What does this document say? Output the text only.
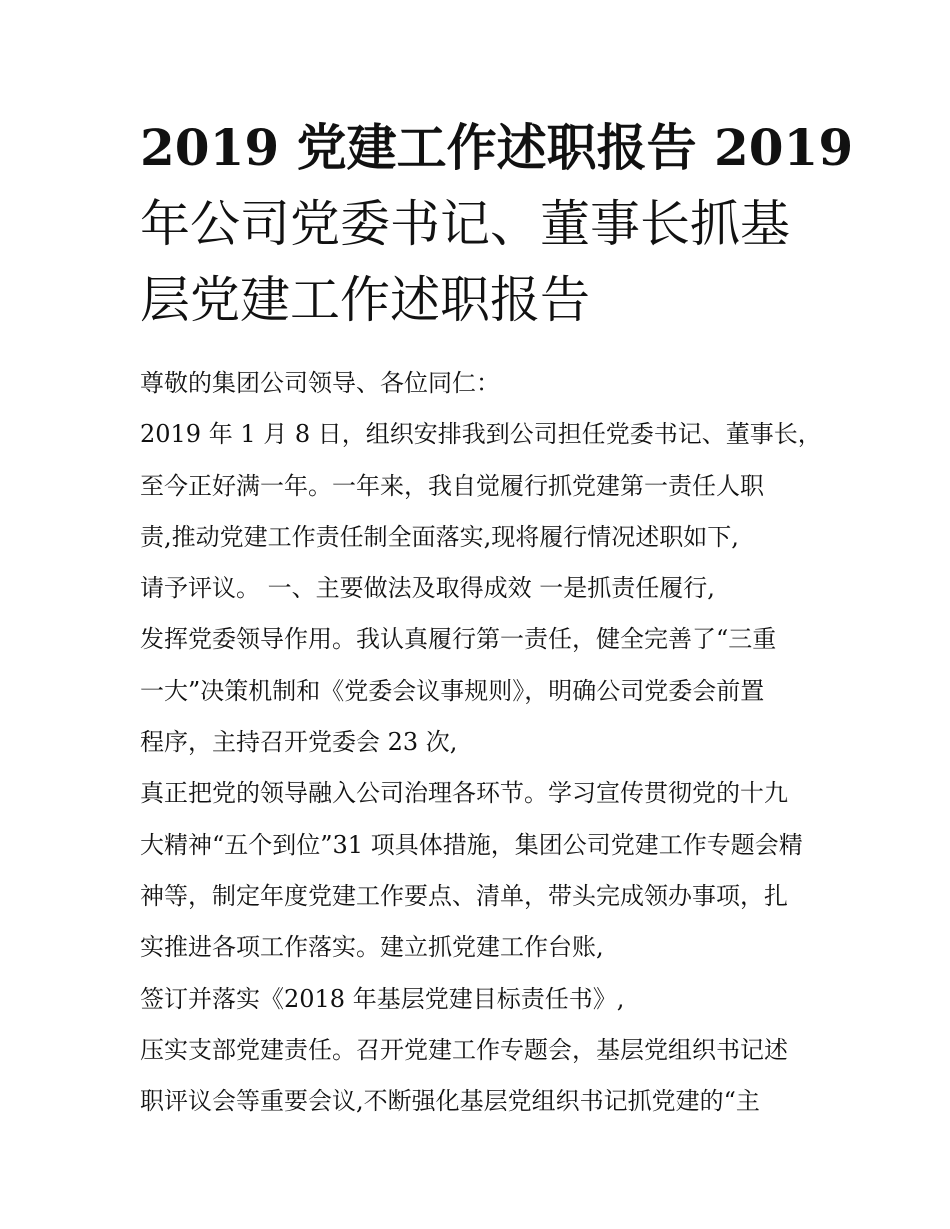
2019 党建工作述职报告 2019
年公司党委书记、董事长抓基
层党建工作述职报告
尊敬的集团公司领导、各位同仁：
2019 年 1 月 8 日，组织安排我到公司担任党委书记、董事长，
至今正好满一年。一年来，我自觉履行抓党建第一责任人职
责,推动党建工作责任制全面落实,现将履行情况述职如下,
请予评议。 一、主要做法及取得成效 一是抓责任履行,
发挥党委领导作用。我认真履行第一责任，健全完善了“三重
一大”决策机制和《党委会议事规则》，明确公司党委会前置
程序，主持召开党委会 23 次,
真正把党的领导融入公司治理各环节。学习宣传贯彻党的十九
大精神“五个到位”31 项具体措施，集团公司党建工作专题会精
神等，制定年度党建工作要点、清单，带头完成领办事项，扎
实推进各项工作落实。建立抓党建工作台账,
签订并落实《2018 年基层党建目标责任书》,
压实支部党建责任。召开党建工作专题会，基层党组织书记述
职评议会等重要会议,不断强化基层党组织书记抓党建的“主
